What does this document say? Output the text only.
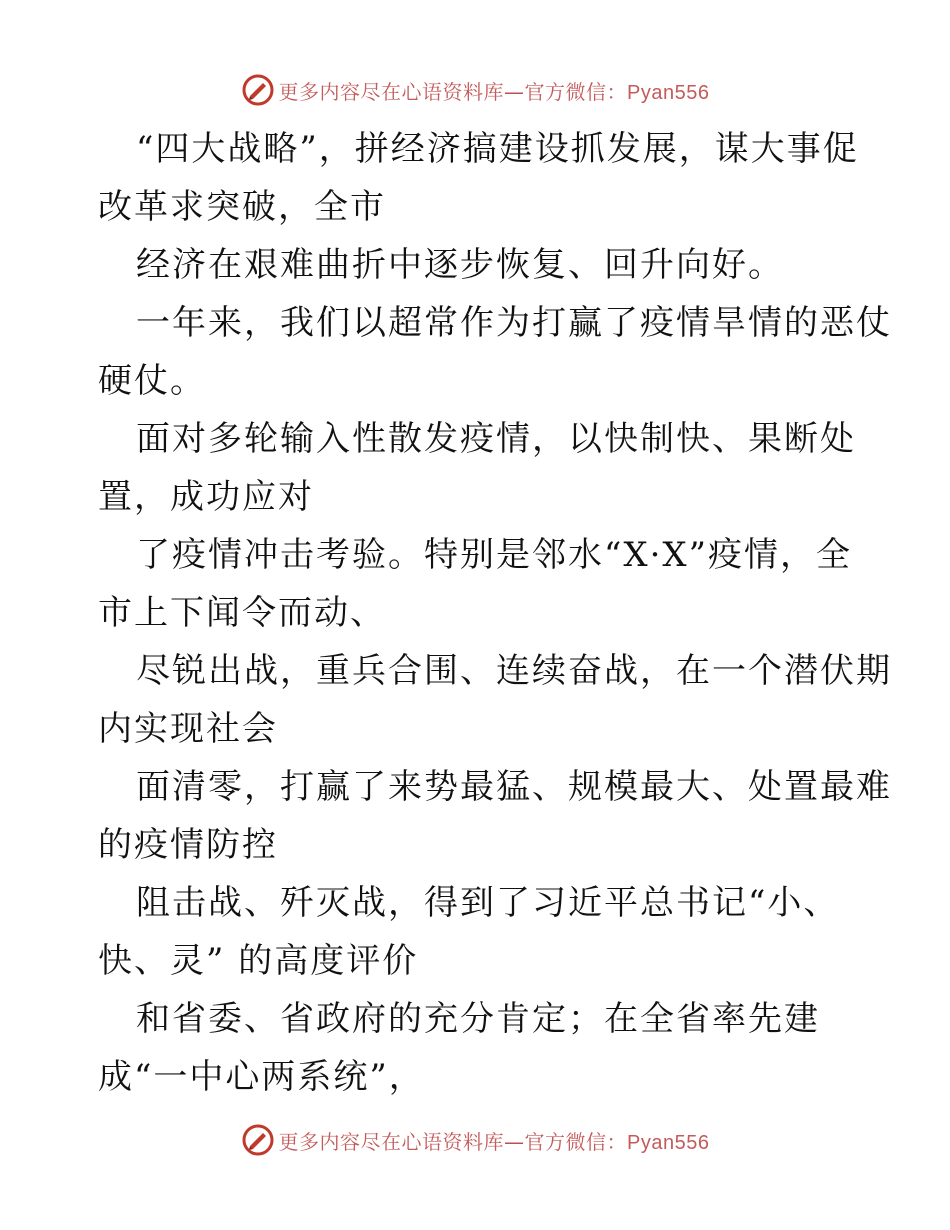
更多内容尽在心语资料库—官方微信：Pyan556
“四大战略”，拼经济搞建设抓发展，谋大事促
改革求突破，全市
经济在艰难曲折中逐步恢复、回升向好。
一年来，我们以超常作为打赢了疫情旱情的恶仗
硬仗。
面对多轮输入性散发疫情，以快制快、果断处
置，成功应对
了疫情冲击考验。特别是邻水“X·X”疫情，全
市上下闻令而动、
尽锐出战，重兵合围、连续奋战，在一个潜伏期
内实现社会
面清零，打赢了来势最猛、规模最大、处置最难
的疫情防控
阻击战、歼灭战，得到了习近平总书记“小、
快、灵” 的高度评价
和省委、省政府的充分肯定；在全省率先建
成“一中心两系统”，
更多内容尽在心语资料库—官方微信：Pyan556
